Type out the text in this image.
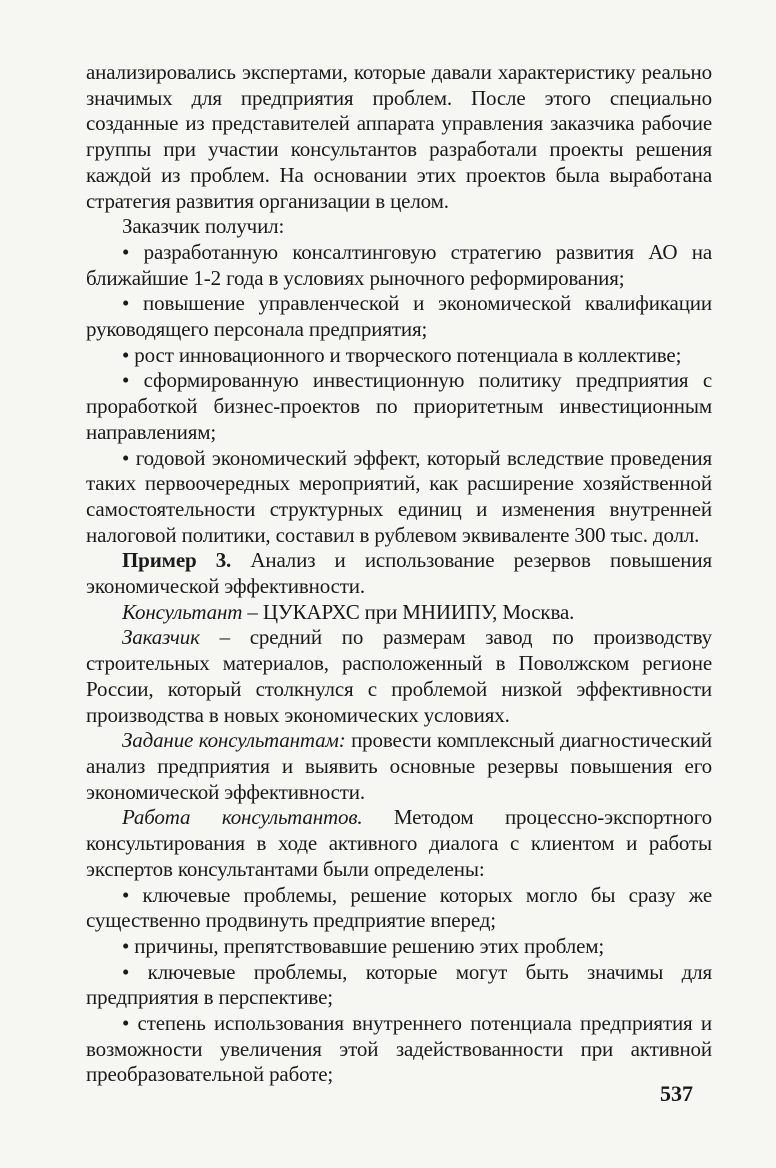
анализировались экспертами, которые давали характеристику реально значимых для предприятия проблем. После этого специально созданные из представителей аппарата управления заказчика рабочие группы при участии консультантов разработали проекты решения каждой из проблем. На основании этих проектов была выработана стратегия развития организации в целом.

Заказчик получил:

• разработанную консалтинговую стратегию развития АО на ближайшие 1-2 года в условиях рыночного реформирования;

• повышение управленческой и экономической квалификации руководящего персонала предприятия;

• рост инновационного и творческого потенциала в коллективе;

• сформированную инвестиционную политику предприятия с проработкой бизнес-проектов по приоритетным инвестиционным направлениям;

• годовой экономический эффект, который вследствие проведения таких первоочередных мероприятий, как расширение хозяйственной самостоятельности структурных единиц и изменения внутренней налоговой политики, составил в рублевом эквиваленте 300 тыс. долл.

Пример 3. Анализ и использование резервов повышения экономической эффективности.

Консультант – ЦУКАРХС при МНИИПУ, Москва.

Заказчик – средний по размерам завод по производству строительных материалов, расположенный в Поволжском регионе России, который столкнулся с проблемой низкой эффективности производства в новых экономических условиях.

Задание консультантам: провести комплексный диагностический анализ предприятия и выявить основные резервы повышения его экономической эффективности.

Работа консультантов. Методом процессно-экспортного консультирования в ходе активного диалога с клиентом и работы экспертов консультантами были определены:

• ключевые проблемы, решение которых могло бы сразу же существенно продвинуть предприятие вперед;

• причины, препятствовавшие решению этих проблем;

• ключевые проблемы, которые могут быть значимы для предприятия в перспективе;

• степень использования внутреннего потенциала предприятия и возможности увеличения этой задействованности при активной преобразовательной работе;

537
